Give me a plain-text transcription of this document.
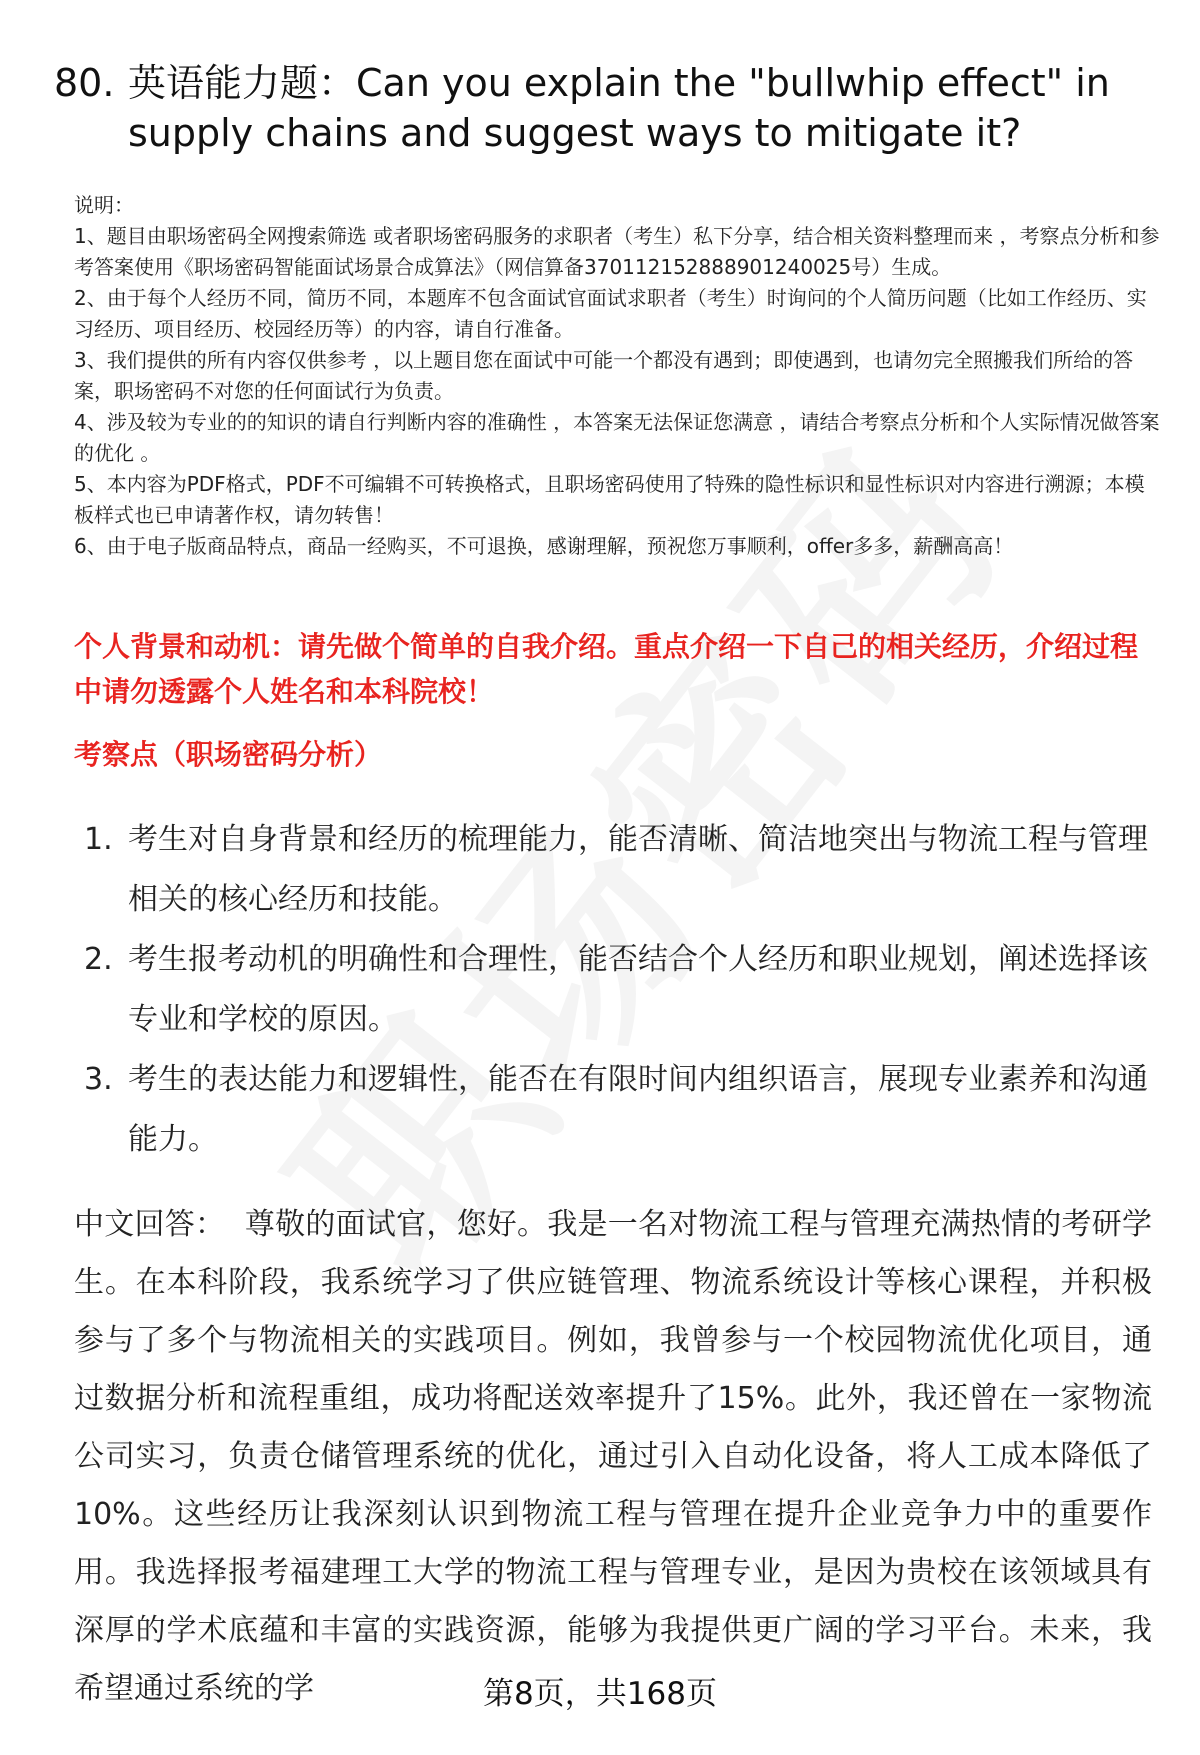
80. 英语能力题：Can you explain the "bullwhip effect" in supply chains and suggest ways to mitigate it?

说明：

1、题目由职场密码全网搜索筛选 或者职场密码服务的求职者（考生）私下分享，结合相关资料整理而来 ，考察点分析和参考答案使用《职场密码智能面试场景合成算法》（网信算备370112152888901240025号）生成。

2、由于每个人经历不同，简历不同，本题库不包含面试官面试求职者（考生）时询问的个人简历问题（比如工作经历、实习经历、项目经历、校园经历等）的内容，请自行准备。

3、我们提供的所有内容仅供参考 ，以上题目您在面试中可能一个都没有遇到；即使遇到，也请勿完全照搬我们所给的答案，职场密码不对您的任何面试行为负责。

4、涉及较为专业的的知识的请自行判断内容的准确性 ，本答案无法保证您满意 ，请结合考察点分析和个人实际情况做答案的优化 。

5、本内容为PDF格式，PDF不可编辑不可转换格式，且职场密码使用了特殊的隐性标识和显性标识对内容进行溯源；本模板样式也已申请著作权，请勿转售！

6、由于电子版商品特点，商品一经购买，不可退换，感谢理解，预祝您万事顺利，offer多多，薪酬高高！

个人背景和动机：请先做个简单的自我介绍。重点介绍一下自己的相关经历，介绍过程中请勿透露个人姓名和本科院校！
考察点（职场密码分析）
1. 考生对自身背景和经历的梳理能力，能否清晰、简洁地突出与物流工程与管理相关的核心经历和技能。
2. 考生报考动机的明确性和合理性，能否结合个人经历和职业规划，阐述选择该专业和学校的原因。
3. 考生的表达能力和逻辑性，能否在有限时间内组织语言，展现专业素养和沟通能力。
中文回答： 尊敬的面试官，您好。我是一名对物流工程与管理充满热情的考研学生。在本科阶段，我系统学习了供应链管理、物流系统设计等核心课程，并积极参与了多个与物流相关的实践项目。例如，我曾参与一个校园物流优化项目，通过数据分析和流程重组，成功将配送效率提升了15%。此外，我还曾在一家物流公司实习，负责仓储管理系统的优化，通过引入自动化设备，将人工成本降低了10%。这些经历让我深刻认识到物流工程与管理在提升企业竞争力中的重要作用。我选择报考福建理工大学的物流工程与管理专业，是因为贵校在该领域具有深厚的学术底蕴和丰富的实践资源，能够为我提供更广阔的学习平台。未来，我希望通过系统的学	第8页，共168页
